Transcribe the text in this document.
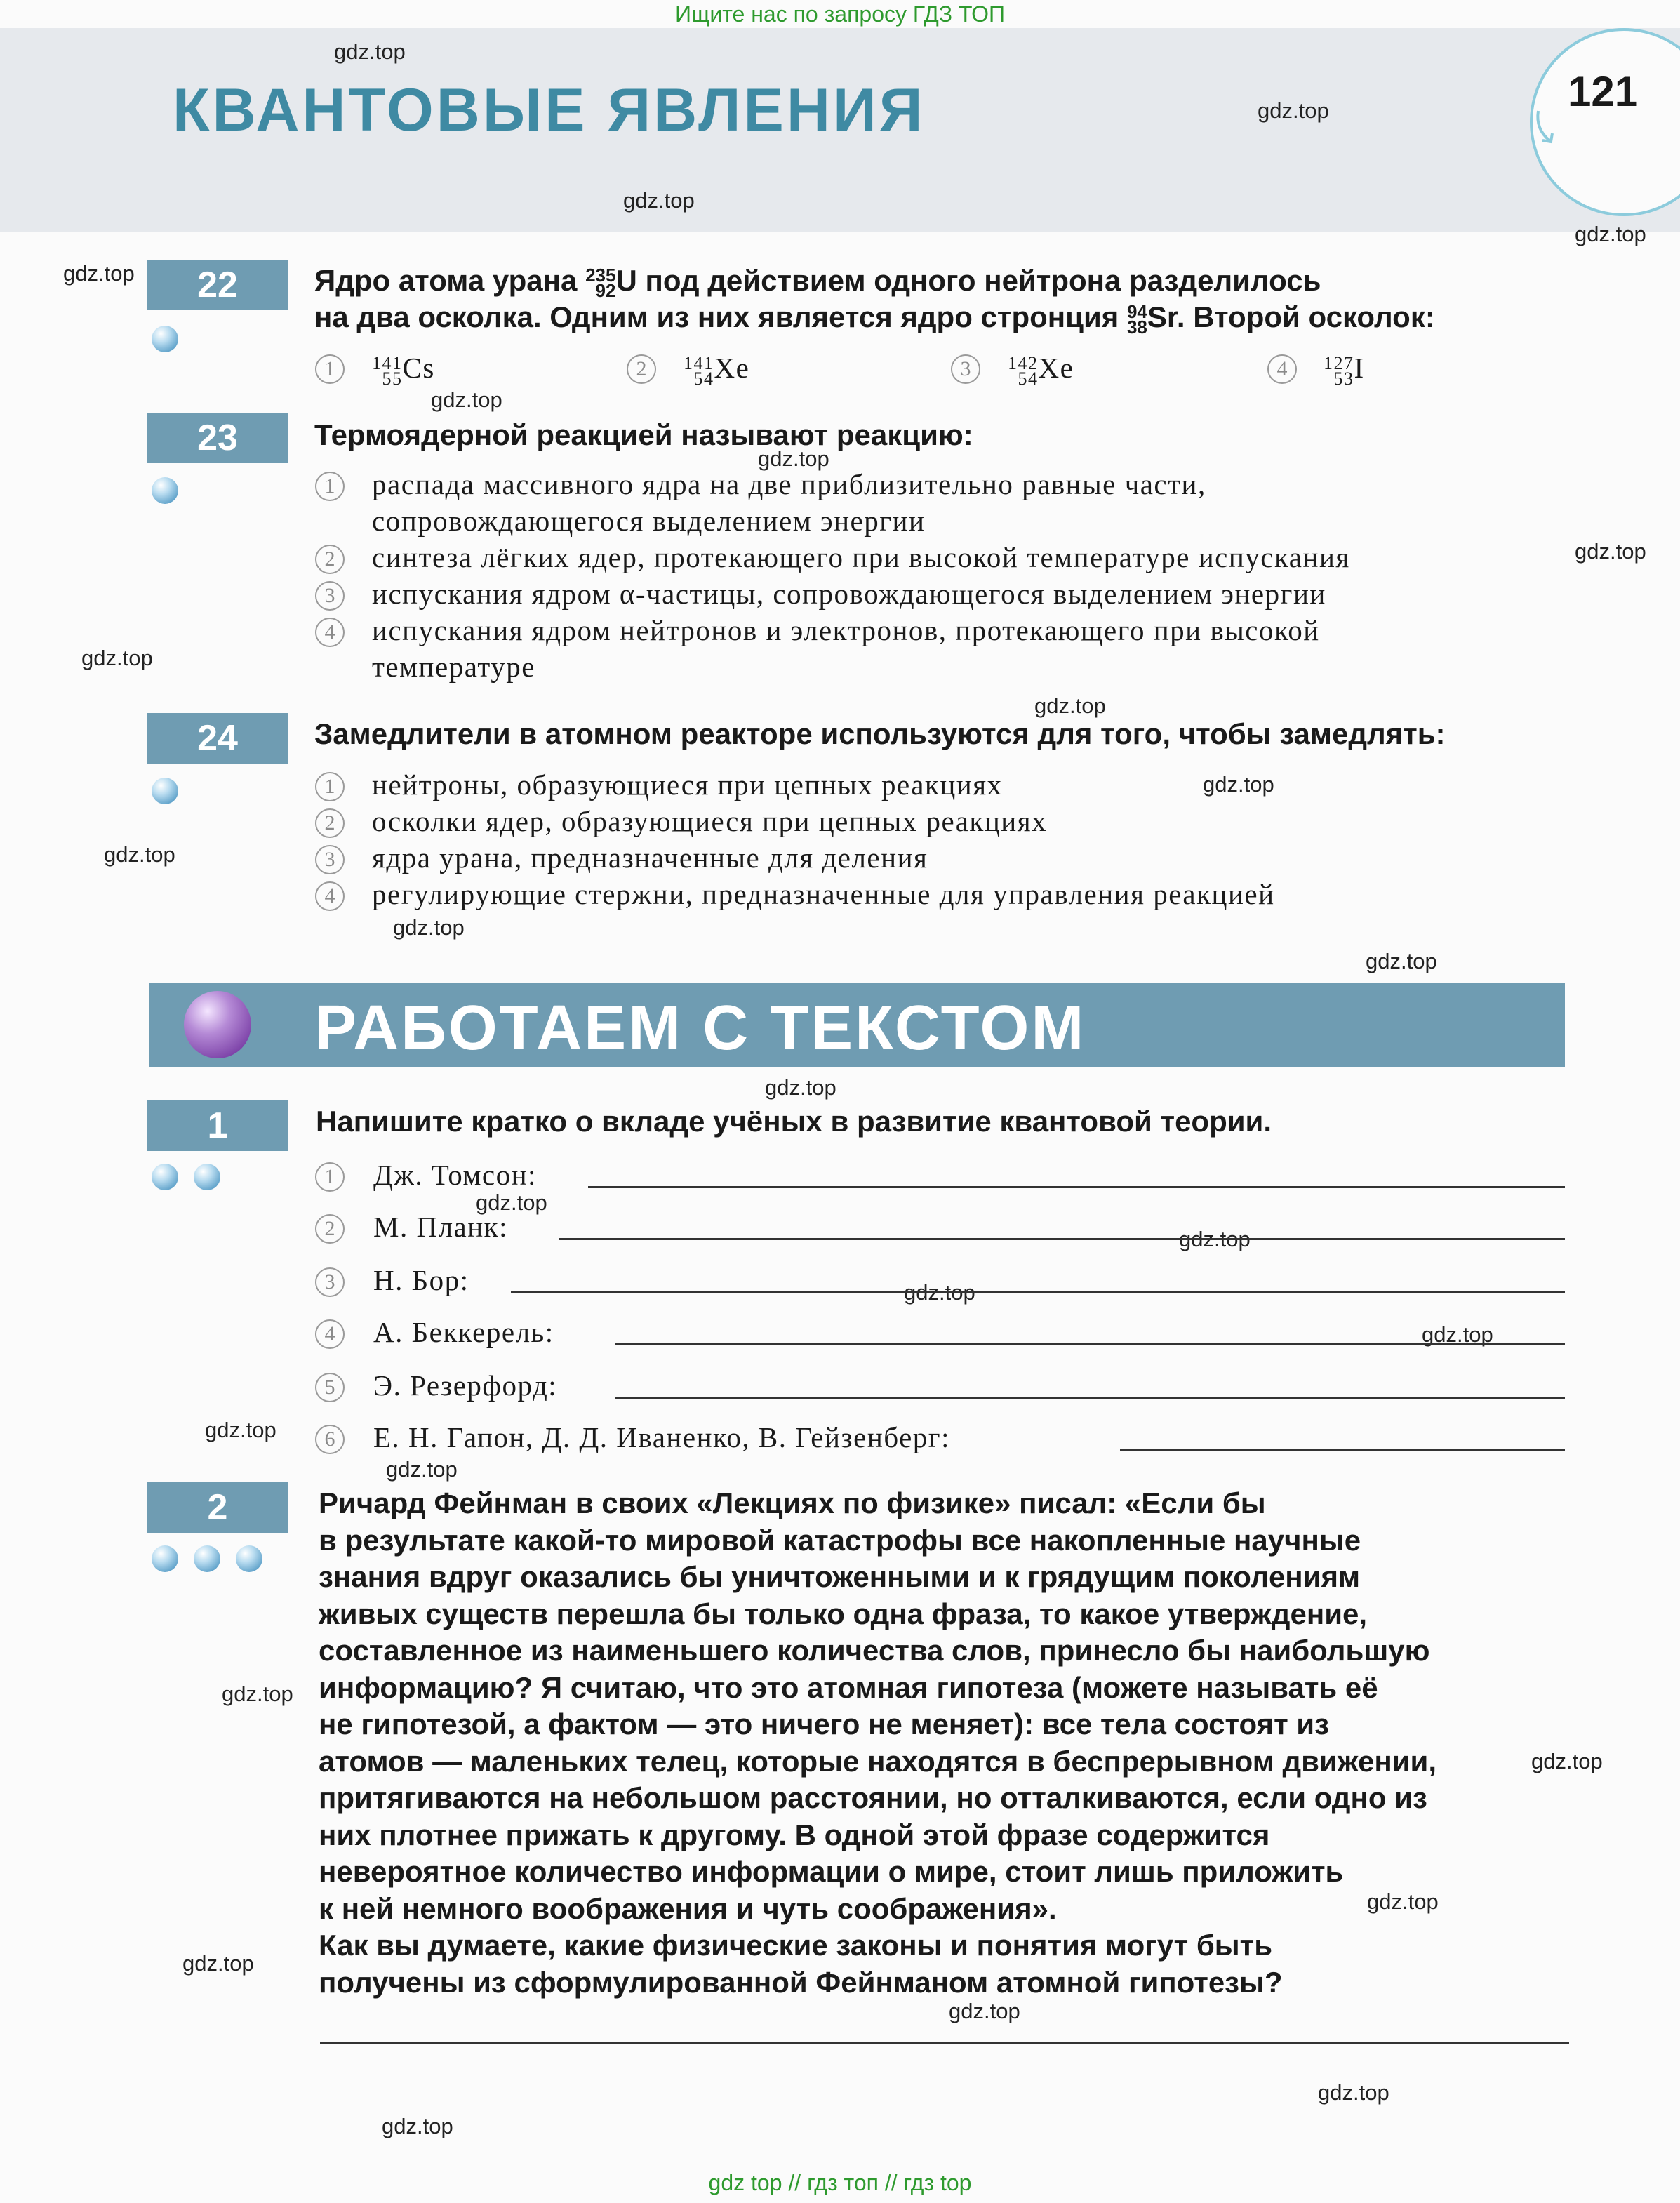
Ищите нас по запросу ГДЗ ТОП
КВАНТОВЫЕ ЯВЛЕНИЯ	121
gdz.top
gdz.top
gdz.top
gdz.top
gdz.top
gdz.top
gdz.top
gdz.top
gdz.top
gdz.top
gdz.top
gdz.top
gdz.top
gdz.top
gdz.top
gdz.top
gdz.top
gdz.top
gdz.top
gdz.top
gdz.top
gdz.top
gdz.top
gdz.top
gdz.top
gdz.top
gdz.top
gdz.top
22	Ядро атома урана 235
92U под действием одного нейтрона разделилось
на два осколка. Одним из них является ядро стронция 94
38Sr. Второй осколок:
1	141
55Cs	2	141
54Xe	3	142
54Xe	4	127
53I
23	Термоядерной реакцией называют реакцию:
1	распада массивного ядра на две приблизительно равные части,
сопровождающегося выделением энергии
2	синтеза лёгких ядер, протекающего при высокой температуре испускания
3	испускания ядром α-частицы, сопровождающегося выделением энергии
4	испускания ядром нейтронов и электронов, протекающего при высокой
температуре
24	Замедлители в атомном реакторе используются для того, чтобы замедлять:
1	нейтроны, образующиеся при цепных реакциях
2	осколки ядер, образующиеся при цепных реакциях
3	ядра урана, предназначенные для деления
4	регулирующие стержни, предназначенные для управления реакцией
РАБОТАЕМ С ТЕКСТОМ
1	Напишите кратко о вкладе учёных в развитие квантовой теории.
1	Дж. Томсон:
2	М. Планк:
3	Н. Бор:
4	А. Беккерель:
5	Э. Резерфорд:
6	Е. Н. Гапон, Д. Д. Иваненко, В. Гейзенберг:
2	Ричард Фейнман в своих «Лекциях по физике» писал: «Если бы
в результате какой-то мировой катастрофы все накопленные научные
знания вдруг оказались бы уничтоженными и к грядущим поколениям
живых существ перешла бы только одна фраза, то какое утверждение,
составленное из наименьшего количества слов, принесло бы наибольшую
информацию? Я считаю, что это атомная гипотеза (можете называть её
не гипотезой, а фактом — это ничего не меняет): все тела состоят из
атомов — маленьких телец, которые находятся в беспрерывном движении,
притягиваются на небольшом расстоянии, но отталкиваются, если одно из
них плотнее прижать к другому. В одной этой фразе содержится
невероятное количество информации о мире, стоит лишь приложить
к ней немного воображения и чуть соображения».
Как вы думаете, какие физические законы и понятия могут быть
получены из сформулированной Фейнманом атомной гипотезы?
gdz top // гдз топ // гдз top
